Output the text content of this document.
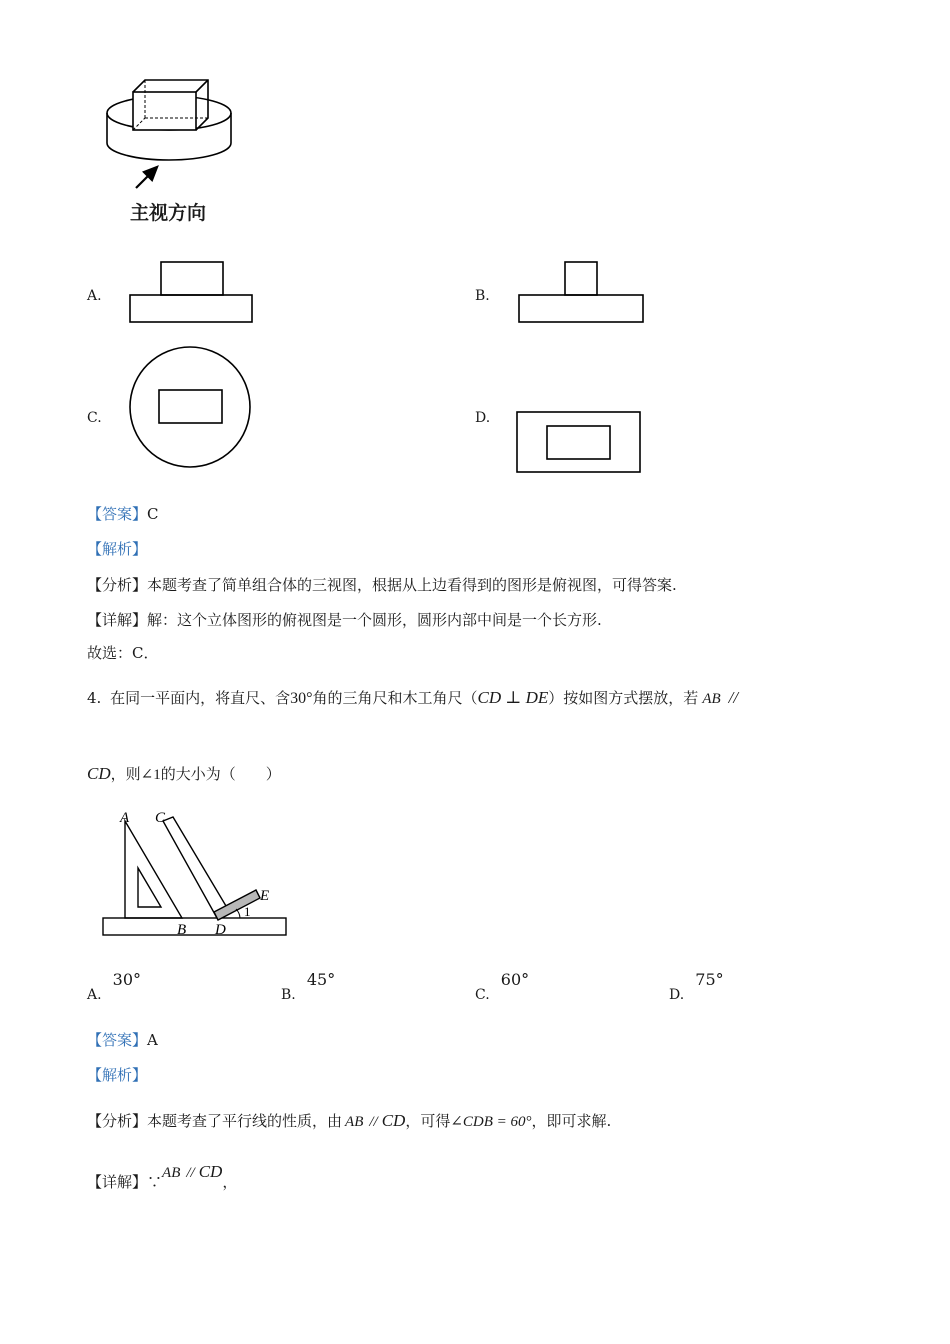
主视方向
A.	B.
C.	D.
【答案】C
【解析】
【分析】本题考查了简单组合体的三视图，根据从上边看得到的图形是俯视图，可得答案.
【详解】解：这个立体图形的俯视图是一个圆形，圆形内部中间是一个长方形.
故选：C．
4. 在同一平面内，将直尺、含30°角的三角尺和木工角尺（CD ⊥ DE）按如图方式摆放，若 AB //
CD，则∠1的大小为（　　）
A C
B D
E
1
A. 30°
B. 45°
C. 60°
D. 75°
【答案】A
【解析】
【分析】本题考查了平行线的性质，由 AB // CD，可得∠CDB = 60°，即可求解.
【详解】∵AB // CD，
